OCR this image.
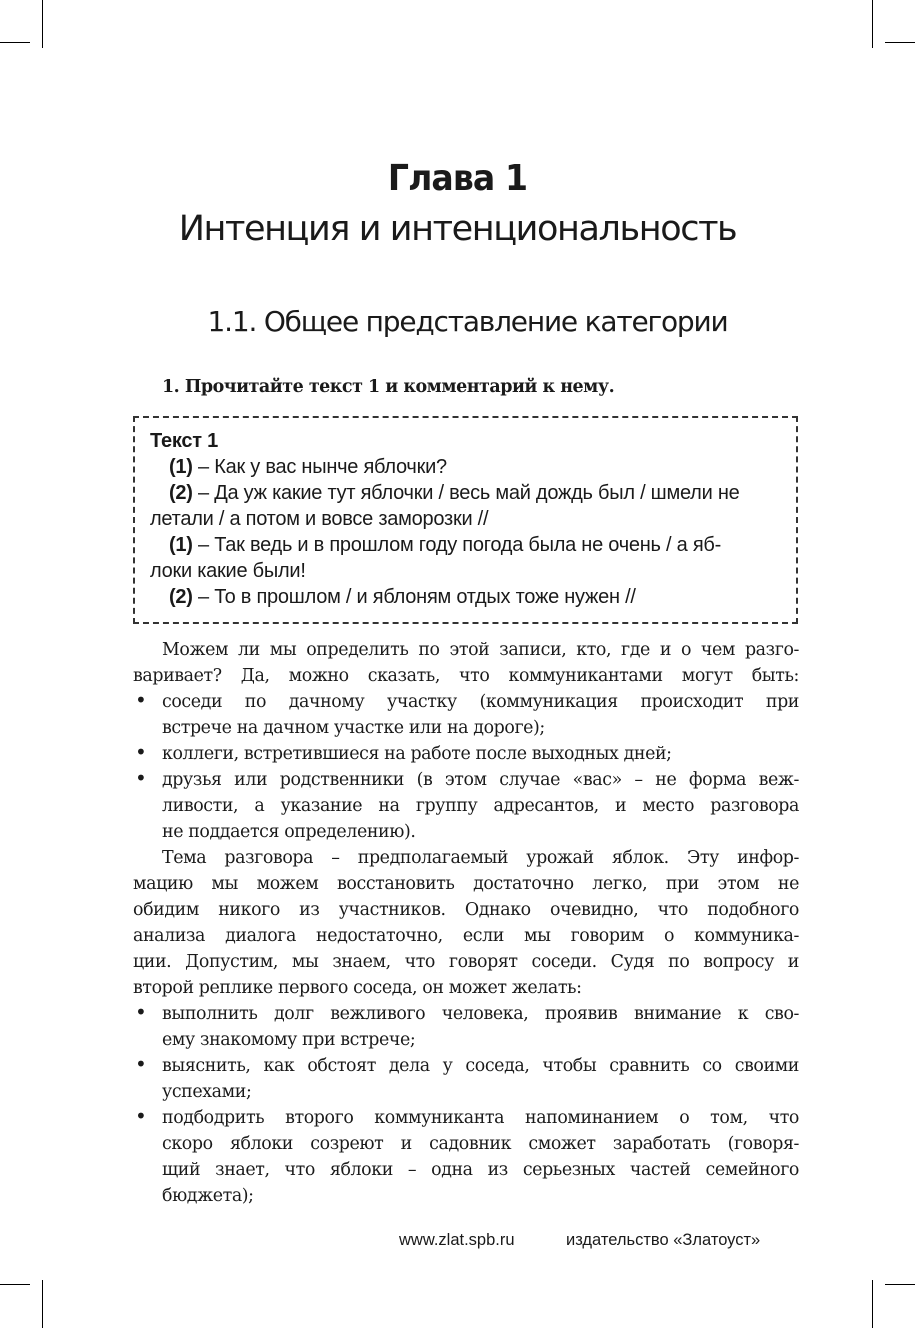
Глава 1
Интенция и интенциональность
1.1. Общее представление категории
1. Прочитайте текст 1 и комментарий к нему.
Текст 1
(1) – Как у вас нынче яблочки?
(2) – Да уж какие тут яблочки / весь май дождь был / шмели не
летали / а потом и вовсе заморозки //
(1) – Так ведь и в прошлом году погода была не очень / а яб-
локи какие были!
(2) – То в прошлом / и яблоням отдых тоже нужен //
Можем ли мы определить по этой записи, кто, где и о чем разго-
варивает? Да, можно сказать, что коммуникантами могут быть:
• соседи по дачному участку (коммуникация происходит при
встрече на дачном участке или на дороге);
• коллеги, встретившиеся на работе после выходных дней;
• друзья или родственники (в этом случае «вас» – не форма веж-
ливости, а указание на группу адресантов, и место разговора
не поддается определению).
Тема разговора – предполагаемый урожай яблок. Эту инфор-
мацию мы можем восстановить достаточно легко, при этом не
обидим никого из участников. Однако очевидно, что подобного
анализа диалога недостаточно, если мы говорим о коммуника-
ции. Допустим, мы знаем, что говорят соседи. Судя по вопросу и
второй реплике первого соседа, он может желать:
• выполнить долг вежливого человека, проявив внимание к сво-
ему знакомому при встрече;
• выяснить, как обстоят дела у соседа, чтобы сравнить со своими
успехами;
• подбодрить второго коммуниканта напоминанием о том, что
скоро яблоки созреют и садовник сможет заработать (говоря-
щий знает, что яблоки – одна из серьезных частей семейного
бюджета);
www.zlat.spb.ru	издательство «Златоуст»
